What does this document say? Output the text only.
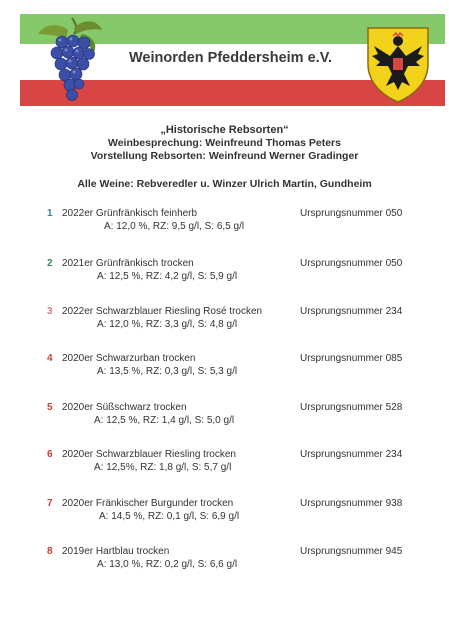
Weinorden Pfeddersheim e.V.
„Historische Rebsorten“
Weinbesprechung: Weinfreund Thomas Peters
Vorstellung Rebsorten: Weinfreund Werner Gradinger
Alle Weine: Rebveredler u. Winzer Ulrich Martin, Gundheim
1 2022er Grünfränkisch feinherb
A: 12,0 %, RZ: 9,5 g/l, S: 6,5 g/l
Ursprungsnummer 050
2 2021er Grünfränkisch trocken
A: 12,5 %, RZ: 4,2 g/l, S: 5,9 g/l
Ursprungsnummer 050
3 2022er Schwarzblauer Riesling Rosé trocken
A: 12,0 %, RZ: 3,3 g/l, S: 4,8 g/l
Ursprungsnummer 234
4 2020er Schwarzurban trocken
A: 13,5 %, RZ: 0,3 g/l, S: 5,3 g/l
Ursprungsnummer 085
5 2020er Süßschwarz trocken
A: 12,5 %, RZ: 1,4 g/l, S: 5,0 g/l
Ursprungsnummer 528
6 2020er Schwarzblauer Riesling trocken
A: 12,5%, RZ: 1,8 g/l, S: 5,7 g/l
Ursprungsnummer 234
7 2020er Fränkischer Burgunder trocken
A: 14,5 %, RZ: 0,1 g/l, S: 6,9 g/l
Ursprungsnummer 938
8 2019er Hartblau trocken
A: 13,0 %, RZ: 0,2 g/l, S: 6,6 g/l
Ursprungsnummer 945
